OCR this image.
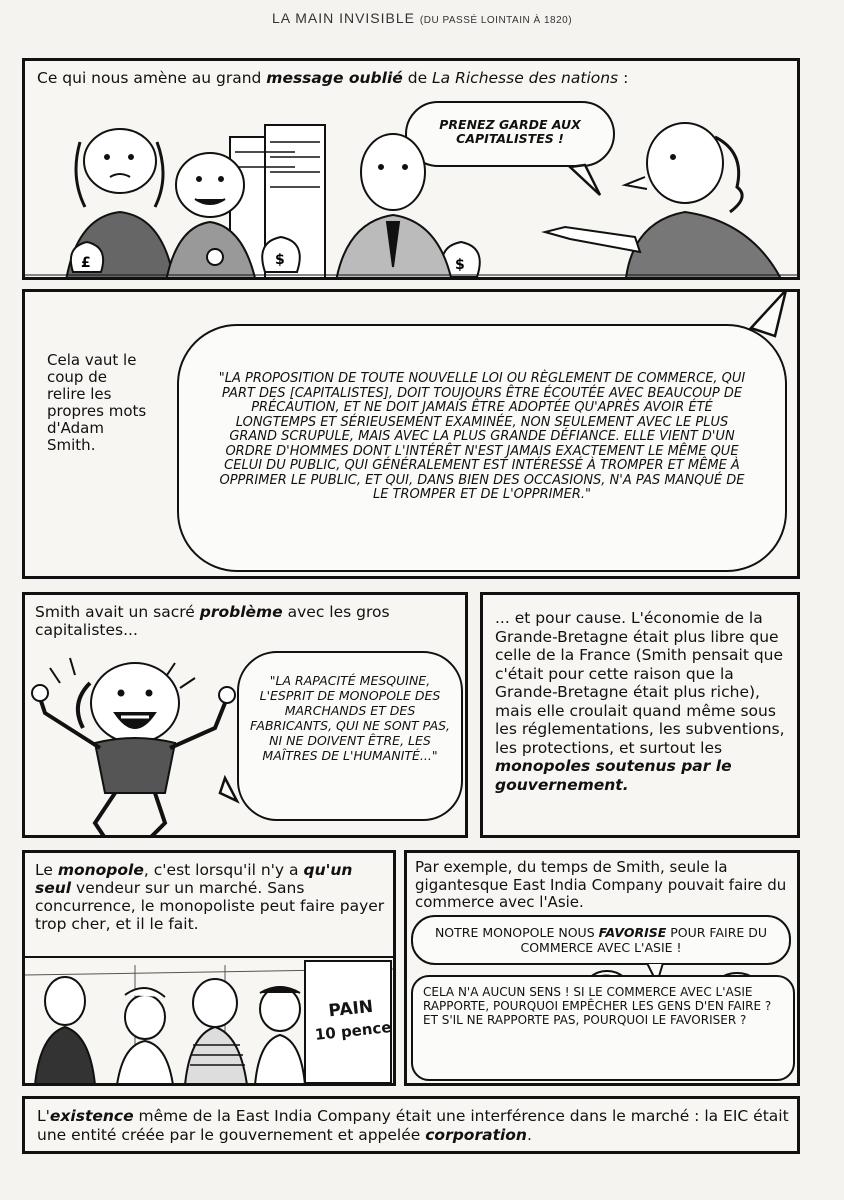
LA MAIN INVISIBLE (DU PASSÉ LOINTAIN À 1820)
Ce qui nous amène au grand message oublié de La Richesse des nations :
PRENEZ GARDE AUX CAPITALISTES !
£	$	$
Cela vaut le coup de relire les propres mots d'Adam Smith.
"LA PROPOSITION DE TOUTE NOUVELLE LOI OU RÈGLEMENT DE COMMERCE, QUI PART DES [CAPITALISTES], DOIT TOUJOURS ÊTRE ÉCOUTÉE AVEC BEAUCOUP DE PRÉCAUTION, ET NE DOIT JAMAIS ÊTRE ADOPTÉE QU'APRÈS AVOIR ÉTÉ LONGTEMPS ET SÉRIEUSEMENT EXAMINÉE, NON SEULEMENT AVEC LE PLUS GRAND SCRUPULE, MAIS AVEC LA PLUS GRANDE DÉFIANCE. ELLE VIENT D'UN ORDRE D'HOMMES DONT L'INTÉRÊT N'EST JAMAIS EXACTEMENT LE MÊME QUE CELUI DU PUBLIC, QUI GÉNÉRALEMENT EST INTÉRESSÉ À TROMPER ET MÊME À OPPRIMER LE PUBLIC, ET QUI, DANS BIEN DES OCCASIONS, N'A PAS MANQUÉ DE LE TROMPER ET DE L'OPPRIMER."
Smith avait un sacré problème avec les gros capitalistes...
"LA RAPACITÉ MESQUINE, L'ESPRIT DE MONOPOLE DES MARCHANDS ET DES FABRICANTS, QUI NE SONT PAS, NI NE DOIVENT ÊTRE, LES MAÎTRES DE L'HUMANITÉ..."
... et pour cause. L'économie de la Grande-Bretagne était plus libre que celle de la France (Smith pensait que c'était pour cette raison que la Grande-Bretagne était plus riche), mais elle croulait quand même sous les réglementations, les subventions, les protections, et surtout les monopoles soutenus par le gouvernement.
Le monopole, c'est lorsqu'il n'y a qu'un seul vendeur sur un marché. Sans concurrence, le monopoliste peut faire payer trop cher, et il le fait.
PAIN
10 pence
Par exemple, du temps de Smith, seule la gigantesque East India Company pouvait faire du commerce avec l'Asie.
NOTRE MONOPOLE NOUS FAVORISE POUR FAIRE DU COMMERCE AVEC L'ASIE !
CELA N'A AUCUN SENS ! SI LE COMMERCE AVEC L'ASIE RAPPORTE, POURQUOI EMPÊCHER LES GENS D'EN FAIRE ? ET S'IL NE RAPPORTE PAS, POURQUOI LE FAVORISER ?
L'existence même de la East India Company était une interférence dans le marché : la EIC était une entité créée par le gouvernement et appelée corporation.
